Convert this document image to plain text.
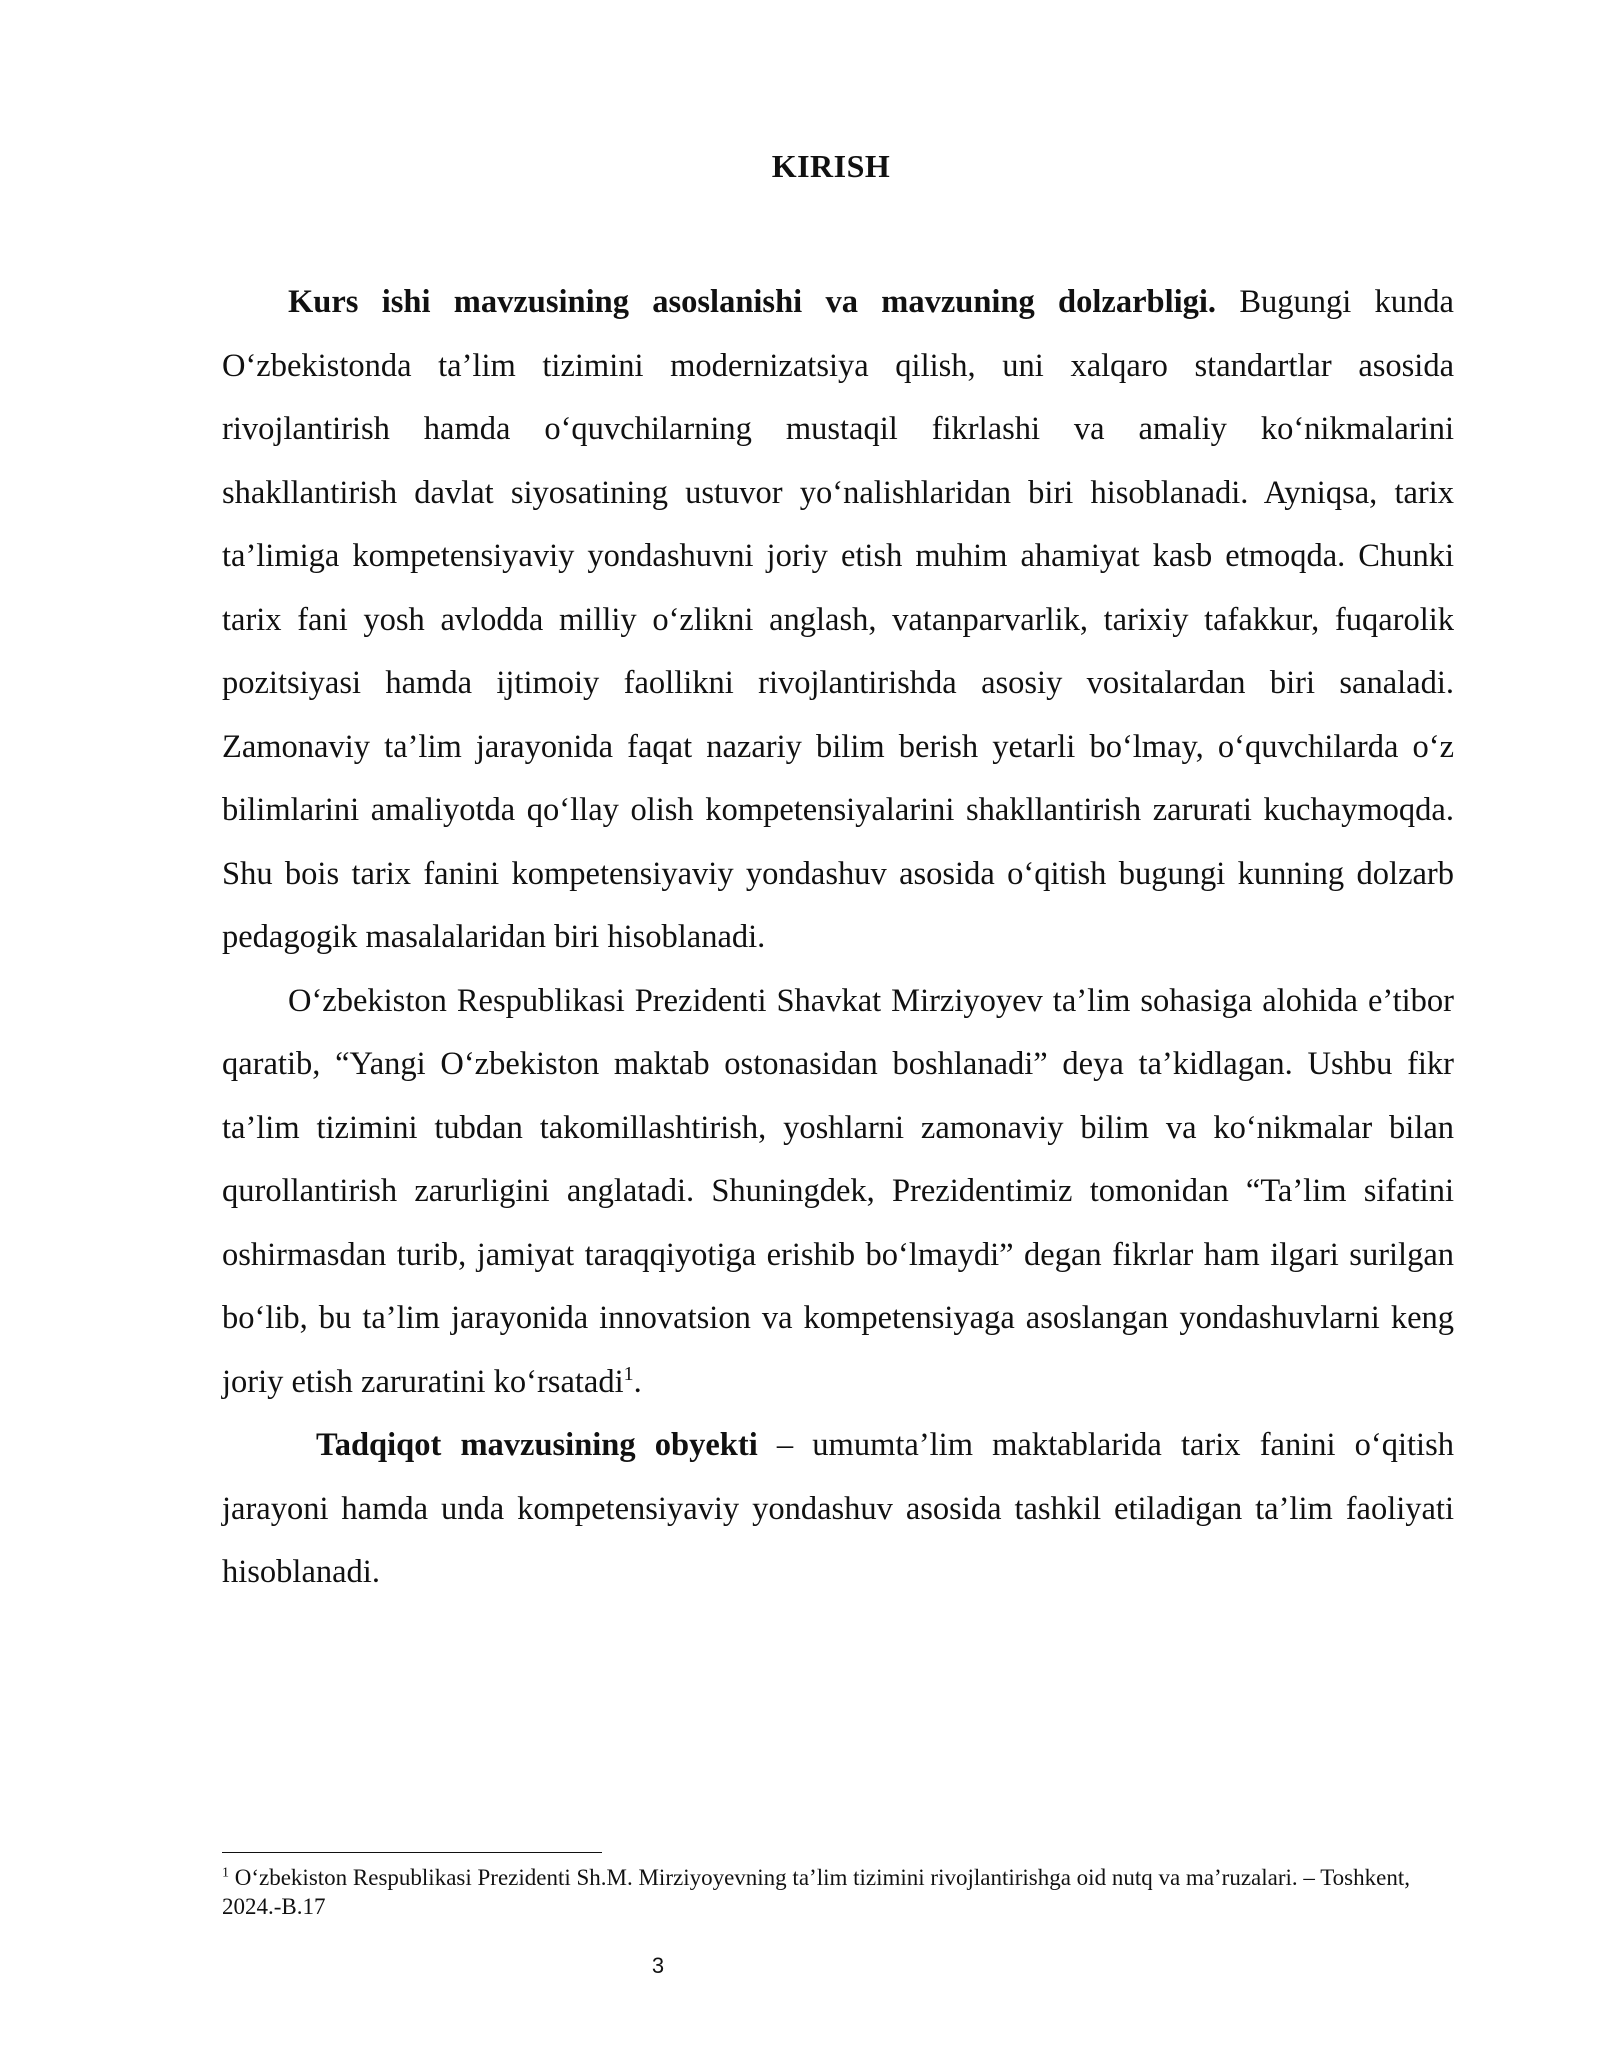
KIRISH

Kurs ishi mavzusining asoslanishi va mavzuning dolzarbligi. Bugungi kunda O‘zbekistonda ta’lim tizimini modernizatsiya qilish, uni xalqaro standartlar asosida rivojlantirish hamda o‘quvchilarning mustaqil fikrlashi va amaliy ko‘nikmalarini shakllantirish davlat siyosatining ustuvor yo‘nalishlaridan biri hisoblanadi. Ayniqsa, tarix ta’limiga kompetensiyaviy yondashuvni joriy etish muhim ahamiyat kasb etmoqda. Chunki tarix fani yosh avlodda milliy o‘zlikni anglash, vatanparvarlik, tarixiy tafakkur, fuqarolik pozitsiyasi hamda ijtimoiy faollikni rivojlantirishda asosiy vositalardan biri sanaladi. Zamonaviy ta’lim jarayonida faqat nazariy bilim berish yetarli bo‘lmay, o‘quvchilarda o‘z bilimlarini amaliyotda qo‘llay olish kompetensiyalarini shakllantirish zarurati kuchaymoqda. Shu bois tarix fanini kompetensiyaviy yondashuv asosida o‘qitish bugungi kunning dolzarb pedagogik masalalaridan biri hisoblanadi.

O‘zbekiston Respublikasi Prezidenti Shavkat Mirziyoyev ta’lim sohasiga alohida e’tibor qaratib, “Yangi O‘zbekiston maktab ostonasidan boshlanadi” deya ta’kidlagan. Ushbu fikr ta’lim tizimini tubdan takomillashtirish, yoshlarni zamonaviy bilim va ko‘nikmalar bilan qurollantirish zarurligini anglatadi. Shuningdek, Prezidentimiz tomonidan “Ta’lim sifatini oshirmasdan turib, jamiyat taraqqiyotiga erishib bo‘lmaydi” degan fikrlar ham ilgari surilgan bo‘lib, bu ta’lim jarayonida innovatsion va kompetensiyaga asoslangan yondashuvlarni keng joriy etish zaruratini ko‘rsatadi$^1$.

Tadqiqot mavzusining obyekti – umumta’lim maktablarida tarix fanini o‘qitish jarayoni hamda unda kompetensiyaviy yondashuv asosida tashkil etiladigan ta’lim faoliyati hisoblanadi.

$^1$ O‘zbekiston Respublikasi Prezidenti Sh.M. Mirziyoyevning ta’lim tizimini rivojlantirishga oid nutq va ma’ruzalari. – Toshkent, 2024.-B.17
3
